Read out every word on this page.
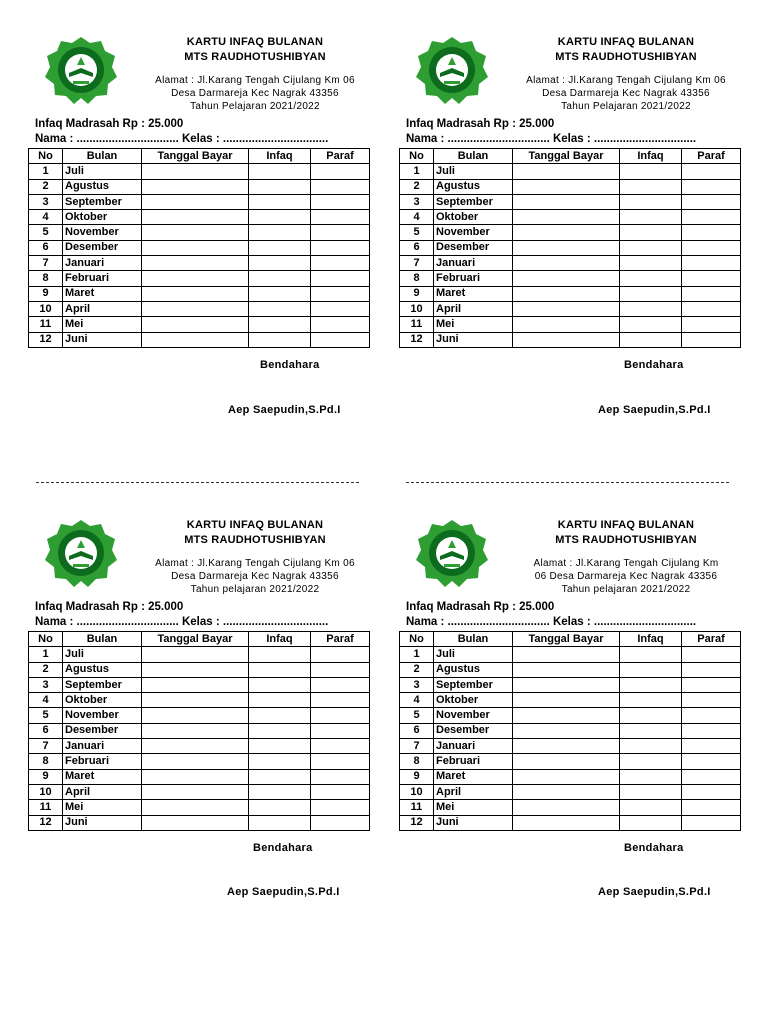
KARTU INFAQ BULANAN
MTS RAUDHOTUSHIBYAN
Alamat : Jl.Karang Tengah Cijulang Km 06
Desa Darmareja Kec Nagrak 43356
Tahun Pelajaran 2021/2022
Infaq Madrasah Rp : 25.000
Nama : ................................ Kelas : .................................
No	Bulan	Tanggal Bayar	Infaq	Paraf
1	Juli			
2	Agustus			
3	September			
4	Oktober			
5	November			
6	Desember			
7	Januari			
8	Februari			
9	Maret			
10	April			
11	Mei			
12	Juni			
Bendahara
Aep Saepudin,S.Pd.I
KARTU INFAQ BULANAN
MTS RAUDHOTUSHIBYAN
Alamat : Jl.Karang Tengah Cijulang Km 06
Desa Darmareja Kec Nagrak 43356
Tahun Pelajaran 2021/2022
Infaq Madrasah Rp : 25.000
Nama : ................................ Kelas : ................................
No	Bulan	Tanggal Bayar	Infaq	Paraf
1	Juli			
2	Agustus			
3	September			
4	Oktober			
5	November			
6	Desember			
7	Januari			
8	Februari			
9	Maret			
10	April			
11	Mei			
12	Juni			
Bendahara
Aep Saepudin,S.Pd.I
KARTU INFAQ BULANAN
MTS RAUDHOTUSHIBYAN
Alamat : Jl.Karang Tengah Cijulang Km 06
Desa Darmareja Kec Nagrak 43356
Tahun pelajaran 2021/2022
Infaq Madrasah Rp : 25.000
Nama : ................................ Kelas : .................................
No	Bulan	Tanggal Bayar	Infaq	Paraf
1	Juli			
2	Agustus			
3	September			
4	Oktober			
5	November			
6	Desember			
7	Januari			
8	Februari			
9	Maret			
10	April			
11	Mei			
12	Juni			
Bendahara
Aep Saepudin,S.Pd.I
KARTU INFAQ BULANAN
MTS RAUDHOTUSHIBYAN
Alamat : Jl.Karang Tengah Cijulang Km
06 Desa Darmareja Kec Nagrak 43356
Tahun pelajaran 2021/2022
Infaq Madrasah Rp : 25.000
Nama : ................................ Kelas : ................................
No	Bulan	Tanggal Bayar	Infaq	Paraf
1	Juli			
2	Agustus			
3	September			
4	Oktober			
5	November			
6	Desember			
7	Januari			
8	Februari			
9	Maret			
10	April			
11	Mei			
12	Juni			
Bendahara
Aep Saepudin,S.Pd.I
